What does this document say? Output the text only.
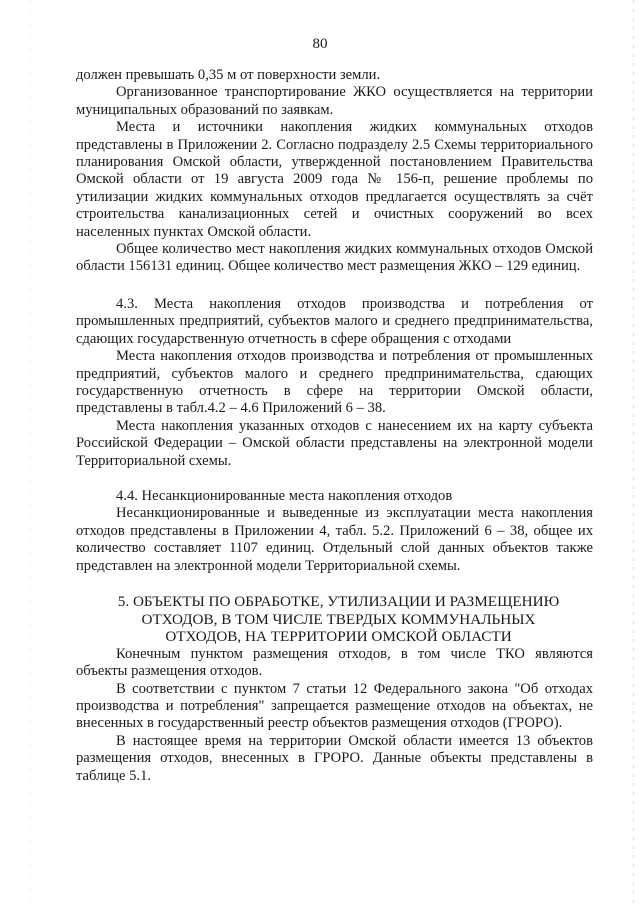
80

должен превышать 0,35 м от поверхности земли.

Организованное транспортирование ЖКО осуществляется на территории муниципальных образований по заявкам.

Места и источники накопления жидких коммунальных отходов представлены в Приложении 2. Согласно подразделу 2.5 Схемы территориального планирования Омской области, утвержденной постановлением Правительства Омской области от 19 августа 2009 года № 156-п, решение проблемы по утилизации жидких коммунальных отходов предлагается осуществлять за счёт строительства канализационных сетей и очистных сооружений во всех населенных пунктах Омской области.

Общее количество мест накопления жидких коммунальных отходов Омской области 156131 единиц. Общее количество мест размещения ЖКО – 129 единиц.

4.3. Места накопления отходов производства и потребления от промышленных предприятий, субъектов малого и среднего предпринимательства, сдающих государственную отчетность в сфере обращения с отходами

Места накопления отходов производства и потребления от промышленных предприятий, субъектов малого и среднего предпринимательства, сдающих государственную отчетность в сфере на территории Омской области, представлены в табл.4.2 – 4.6 Приложений 6 – 38.

Места накопления указанных отходов с нанесением их на карту субъекта Российской Федерации – Омской области представлены на электронной модели Территориальной схемы.

4.4. Несанкционированные места накопления отходов

Несанкционированные и выведенные из эксплуатации места накопления отходов представлены в Приложении 4, табл. 5.2. Приложений 6 – 38, общее их количество составляет 1107 единиц. Отдельный слой данных объектов также представлен на электронной модели Территориальной схемы.

5. ОБЪЕКТЫ ПО ОБРАБОТКЕ, УТИЛИЗАЦИИ И РАЗМЕЩЕНИЮ
ОТХОДОВ, В ТОМ ЧИСЛЕ ТВЕРДЫХ КОММУНАЛЬНЫХ
ОТХОДОВ, НА ТЕРРИТОРИИ ОМСКОЙ ОБЛАСТИ

Конечным пунктом размещения отходов, в том числе ТКО являются объекты размещения отходов.

В соответствии с пунктом 7 статьи 12 Федерального закона "Об отходах производства и потребления" запрещается размещение отходов на объектах, не внесенных в государственный реестр объектов размещения отходов (ГРОРО).

В настоящее время на территории Омской области имеется 13 объектов размещения отходов, внесенных в ГРОРО. Данные объекты представлены в таблице 5.1.
